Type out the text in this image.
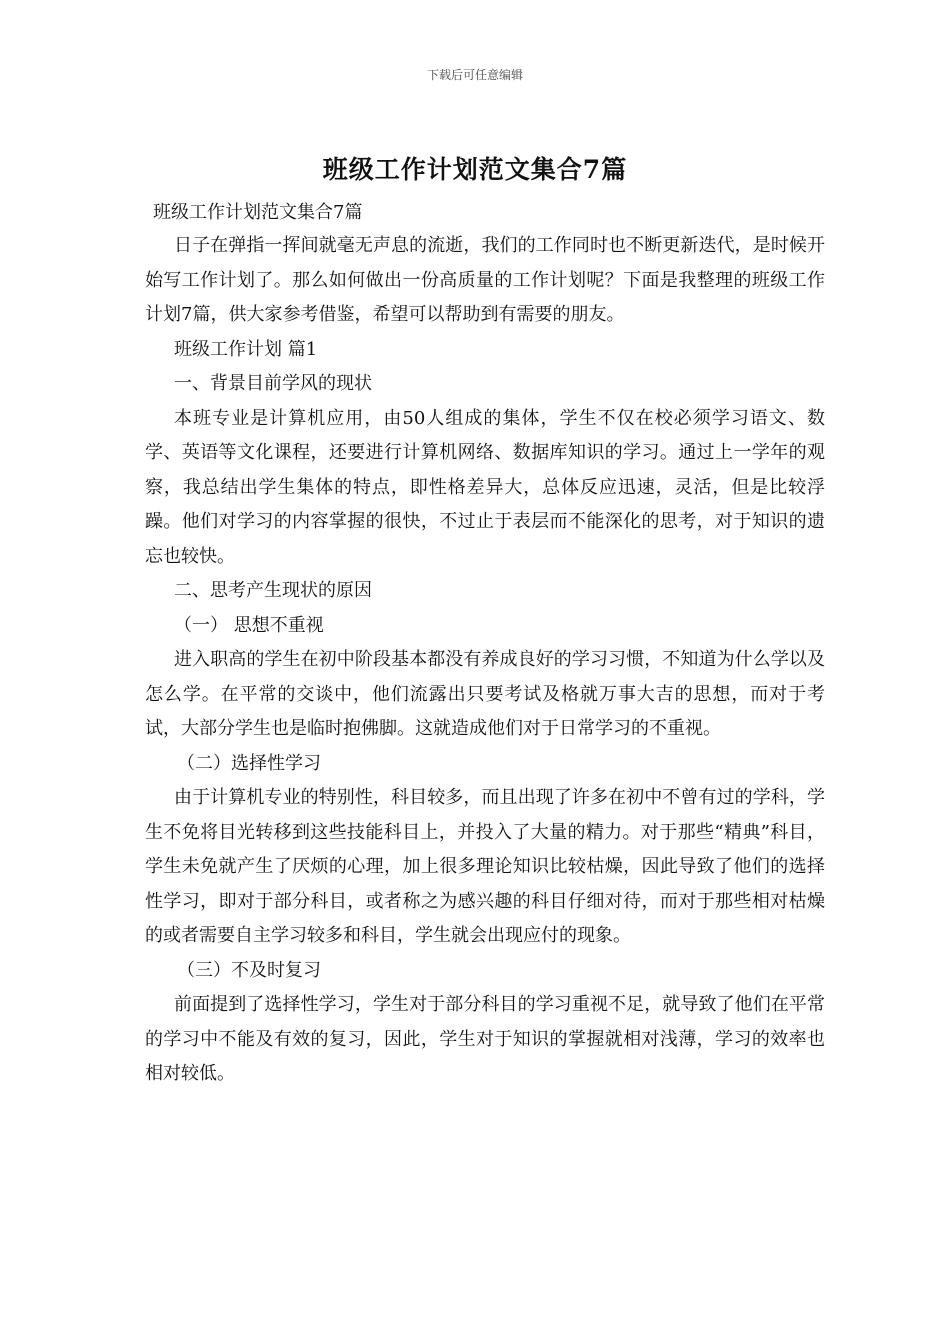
下载后可任意编辑
班级工作计划范文集合7篇

班级工作计划范文集合7篇

日子在弹指一挥间就毫无声息的流逝，我们的工作同时也不断更新迭代，是时候开始写工作计划了。那么如何做出一份高质量的工作计划呢？下面是我整理的班级工作计划7篇，供大家参考借鉴，希望可以帮助到有需要的朋友。

班级工作计划 篇1

一、背景目前学风的现状

本班专业是计算机应用，由50人组成的集体，学生不仅在校必须学习语文、数学、英语等文化课程，还要进行计算机网络、数据库知识的学习。通过上一学年的观察，我总结出学生集体的特点，即性格差异大，总体反应迅速，灵活，但是比较浮躁。他们对学习的内容掌握的很快，不过止于表层而不能深化的思考，对于知识的遗忘也较快。

二、思考产生现状的原因

（一） 思想不重视

进入职高的学生在初中阶段基本都没有养成良好的学习习惯，不知道为什么学以及怎么学。在平常的交谈中，他们流露出只要考试及格就万事大吉的思想，而对于考试，大部分学生也是临时抱佛脚。这就造成他们对于日常学习的不重视。

（二）选择性学习

由于计算机专业的特别性，科目较多，而且出现了许多在初中不曾有过的学科，学生不免将目光转移到这些技能科目上，并投入了大量的精力。对于那些“精典”科目，学生未免就产生了厌烦的心理，加上很多理论知识比较枯燥，因此导致了他们的选择性学习，即对于部分科目，或者称之为感兴趣的科目仔细对待，而对于那些相对枯燥的或者需要自主学习较多和科目，学生就会出现应付的现象。

（三）不及时复习

前面提到了选择性学习，学生对于部分科目的学习重视不足，就导致了他们在平常的学习中不能及有效的复习，因此，学生对于知识的掌握就相对浅薄，学习的效率也相对较低。
